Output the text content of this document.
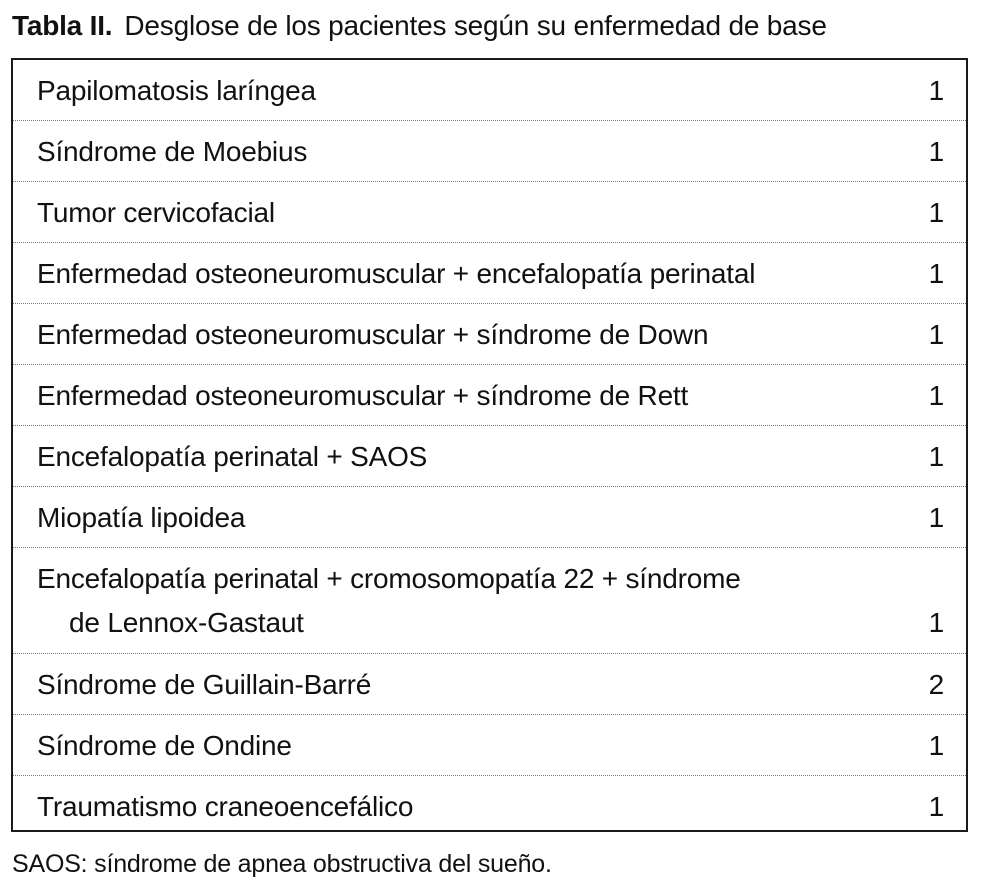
Tabla II. Desglose de los pacientes según su enfermedad de base
Papilomatosis laríngea	1
Síndrome de Moebius	1
Tumor cervicofacial	1
Enfermedad osteoneuromuscular + encefalopatía perinatal	1
Enfermedad osteoneuromuscular + síndrome de Down	1
Enfermedad osteoneuromuscular + síndrome de Rett	1
Encefalopatía perinatal + SAOS	1
Miopatía lipoidea	1
Encefalopatía perinatal + cromosomopatía 22 + síndrome
de Lennox-Gastaut	1
Síndrome de Guillain-Barré	2
Síndrome de Ondine	1
Traumatismo craneoencefálico	1
SAOS: síndrome de apnea obstructiva del sueño.
